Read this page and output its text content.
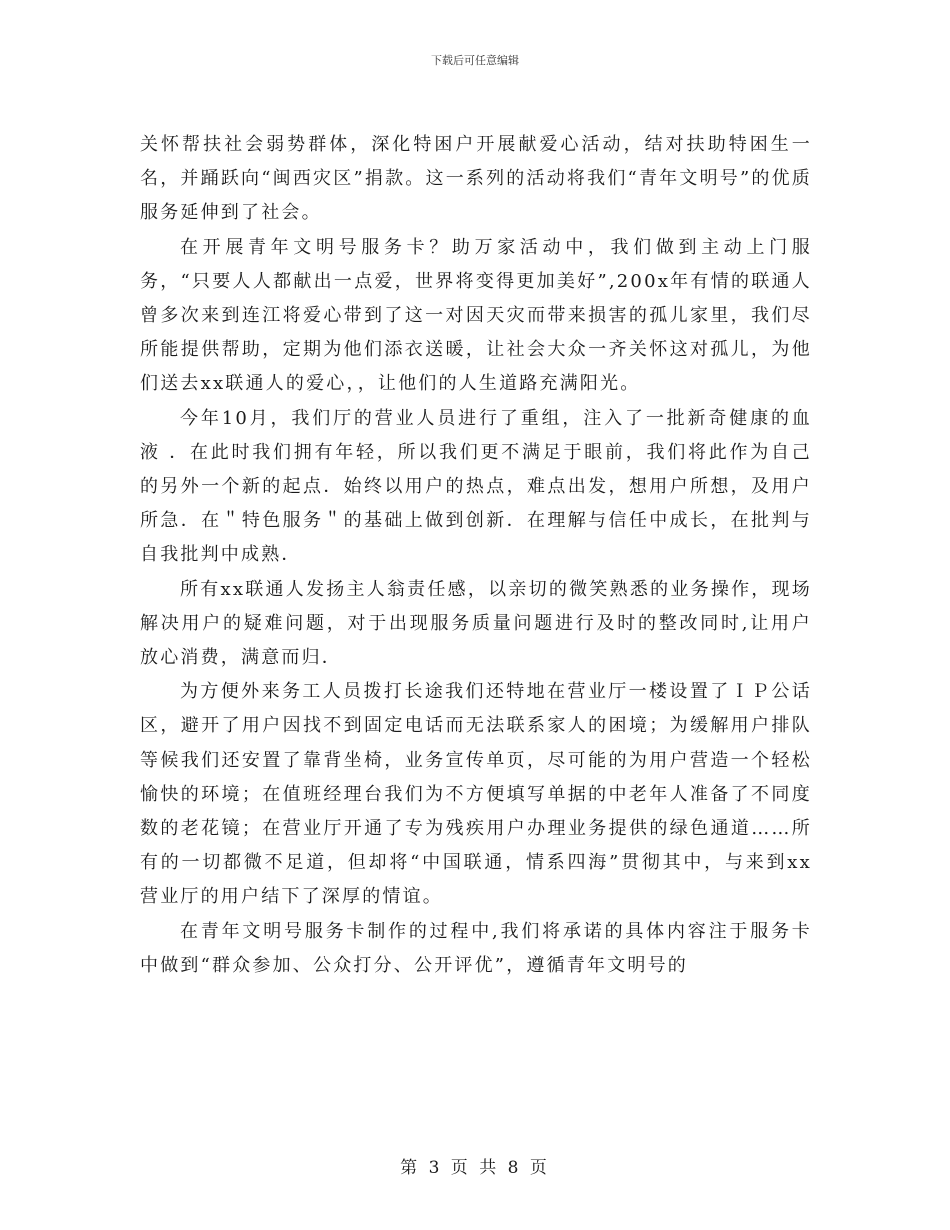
下载后可任意编辑

关怀帮扶社会弱势群体，深化特困户开展献爱心活动，结对扶助特困生一名，并踊跃向“闽西灾区”捐款。这一系列的活动将我们“青年文明号”的优质服务延伸到了社会。

在开展青年文明号服务卡？助万家活动中，我们做到主动上门服务，“只要人人都献出一点爱，世界将变得更加美好”,200x年有情的联通人曾多次来到连江将爱心带到了这一对因天灾而带来损害的孤儿家里，我们尽所能提供帮助，定期为他们添衣送暖，让社会大众一齐关怀这对孤儿，为他们送去xx联通人的爱心，，让他们的人生道路充满阳光。

今年10月，我们厅的营业人员进行了重组，注入了一批新奇健康的血液 ．在此时我们拥有年轻，所以我们更不满足于眼前，我们将此作为自己的另外一个新的起点．始终以用户的热点，难点出发，想用户所想，及用户所急．在＂特色服务＂的基础上做到创新．在理解与信任中成长，在批判与自我批判中成熟．

所有xx联通人发扬主人翁责任感，以亲切的微笑熟悉的业务操作，现场解决用户的疑难问题，对于出现服务质量问题进行及时的整改同时,让用户放心消费，满意而归．

为方便外来务工人员拨打长途我们还特地在营业厅一楼设置了ＩＰ公话 区，避开了用户因找不到固定电话而无法联系家人的困境；为缓解用户排队等候我们还安置了靠背坐椅，业务宣传单页，尽可能的为用户营造一个轻松愉快的环境；在值班经理台我们为不方便填写单据的中老年人准备了不同度数的老花镜；在营业厅开通了专为残疾用户办理业务提供的绿色通道……所有的一切都微不足道，但却将“中国联通，情系四海”贯彻其中，与来到xx营业厅的用户结下了深厚的情谊。

在青年文明号服务卡制作的过程中,我们将承诺的具体内容注于服务卡中做到“群众参加、公众打分、公开评优”，遵循青年文明号的

第 3 页 共 8 页
